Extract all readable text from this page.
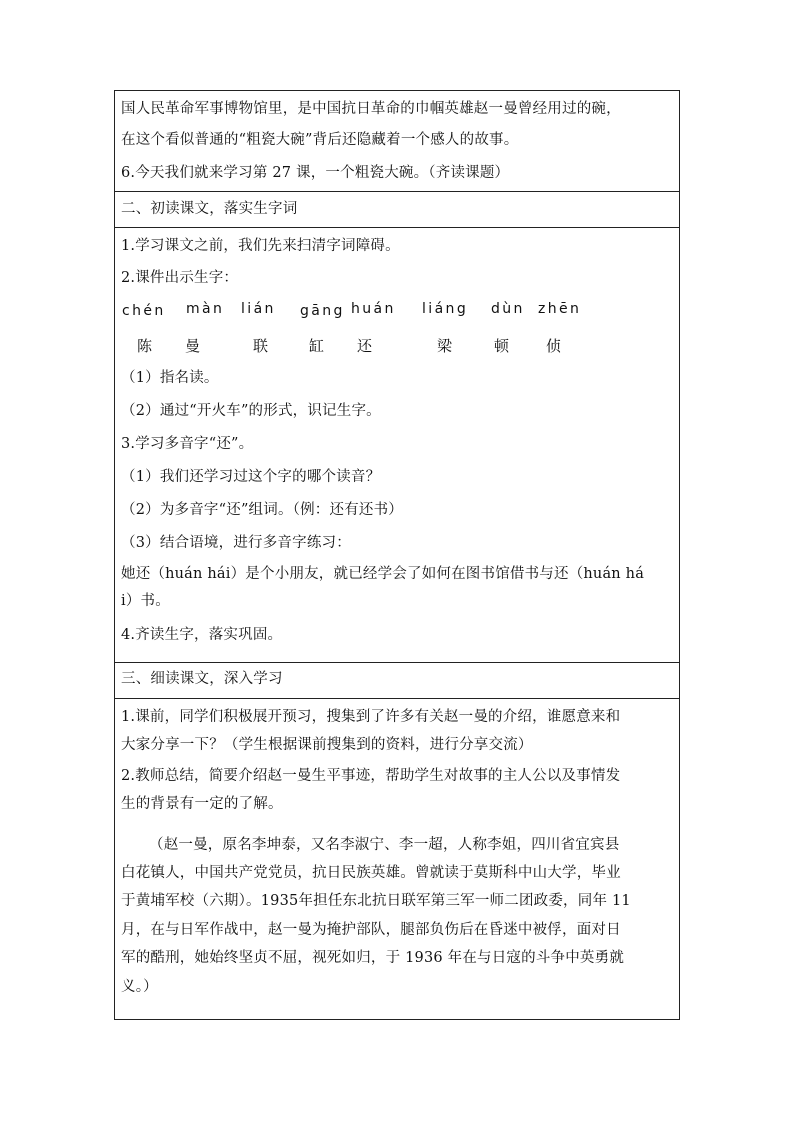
国人民革命军事博物馆里，是中国抗日革命的巾帼英雄赵一曼曾经用过的碗，
在这个看似普通的“粗瓷大碗”背后还隐藏着一个感人的故事。
6.今天我们就来学习第 27 课，一个粗瓷大碗。（齐读课题）
二、初读课文，落实生字词
1.学习课文之前，我们先来扫清字词障碍。
2.课件出示生字：
chén màn lián gāng huán liáng dùn zhēn
陈 曼	联	缸 还	梁	顿 侦
（1）指名读。
（2）通过“开火车”的形式，识记生字。
3.学习多音字“还”。
（1）我们还学习过这个字的哪个读音？
（2）为多音字“还”组词。（例：还有还书）
（3）结合语境，进行多音字练习：
她还（huán hái）是个小朋友，就已经学会了如何在图书馆借书与还（huán há
i）书。
4.齐读生字，落实巩固。
三、细读课文，深入学习
1.课前，同学们积极展开预习，搜集到了许多有关赵一曼的介绍，谁愿意来和
大家分享一下？（学生根据课前搜集到的资料，进行分享交流）
2.教师总结，简要介绍赵一曼生平事迹，帮助学生对故事的主人公以及事情发
生的背景有一定的了解。
（赵一曼，原名李坤泰，又名李淑宁、李一超，人称李姐，四川省宜宾县
白花镇人，中国共产党党员，抗日民族英雄。曾就读于莫斯科中山大学，毕业
于黄埔军校（六期）。1935年担任东北抗日联军第三军一师二团政委，同年 11
月，在与日军作战中，赵一曼为掩护部队，腿部负伤后在昏迷中被俘，面对日
军的酷刑，她始终坚贞不屈，视死如归，于 1936 年在与日寇的斗争中英勇就
义。）
